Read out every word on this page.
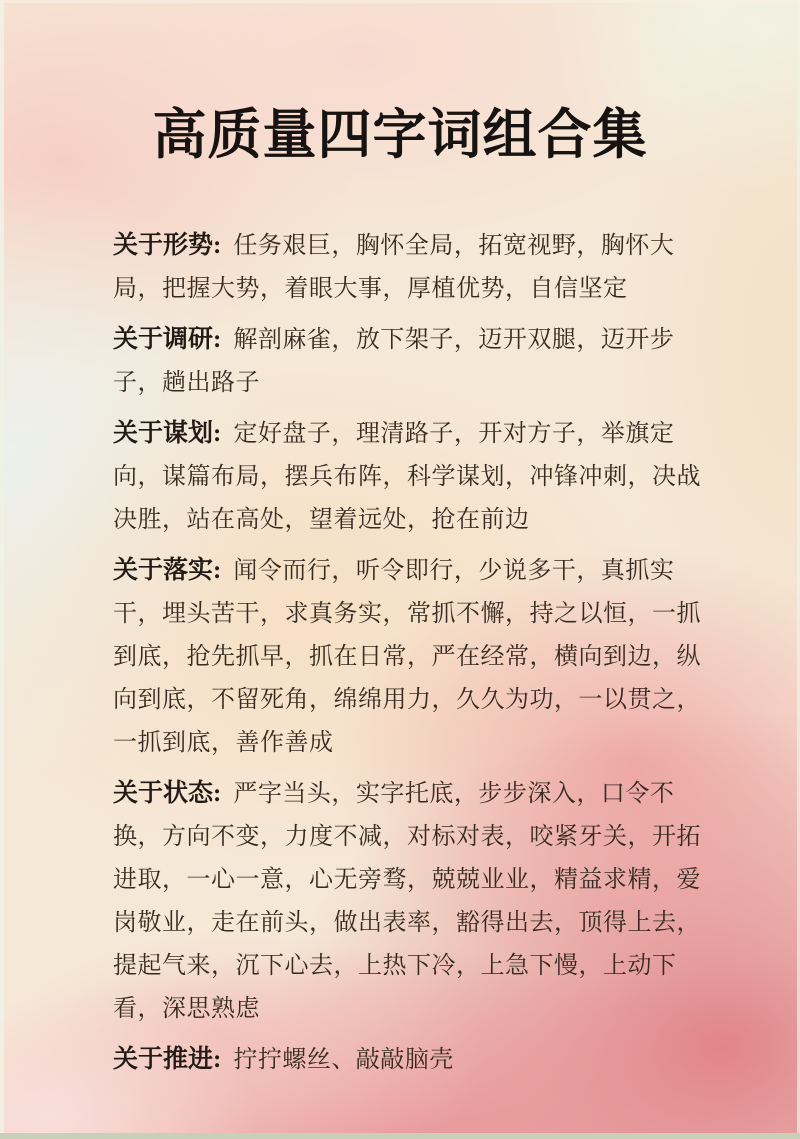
高质量四字词组合集

关于形势: 任务艰巨，胸怀全局，拓宽视野，胸怀大局，把握大势，着眼大事，厚植优势，自信坚定

关于调研: 解剖麻雀，放下架子，迈开双腿，迈开步子，趟出路子

关于谋划: 定好盘子，理清路子，开对方子，举旗定向，谋篇布局，摆兵布阵，科学谋划，冲锋冲刺，决战决胜，站在高处，望着远处，抢在前边

关于落实: 闻令而行，听令即行，少说多干，真抓实干，埋头苦干，求真务实，常抓不懈，持之以恒，一抓到底，抢先抓早，抓在日常，严在经常，横向到边，纵向到底，不留死角，绵绵用力，久久为功，一以贯之，一抓到底，善作善成

关于状态: 严字当头，实字托底，步步深入，口令不换，方向不变，力度不减，对标对表，咬紧牙关，开拓进取，一心一意，心无旁骛，兢兢业业，精益求精，爱岗敬业，走在前头，做出表率，豁得出去，顶得上去，提起气来，沉下心去，上热下冷，上急下慢，上动下看，深思熟虑

关于推进: 拧拧螺丝、敲敲脑壳
